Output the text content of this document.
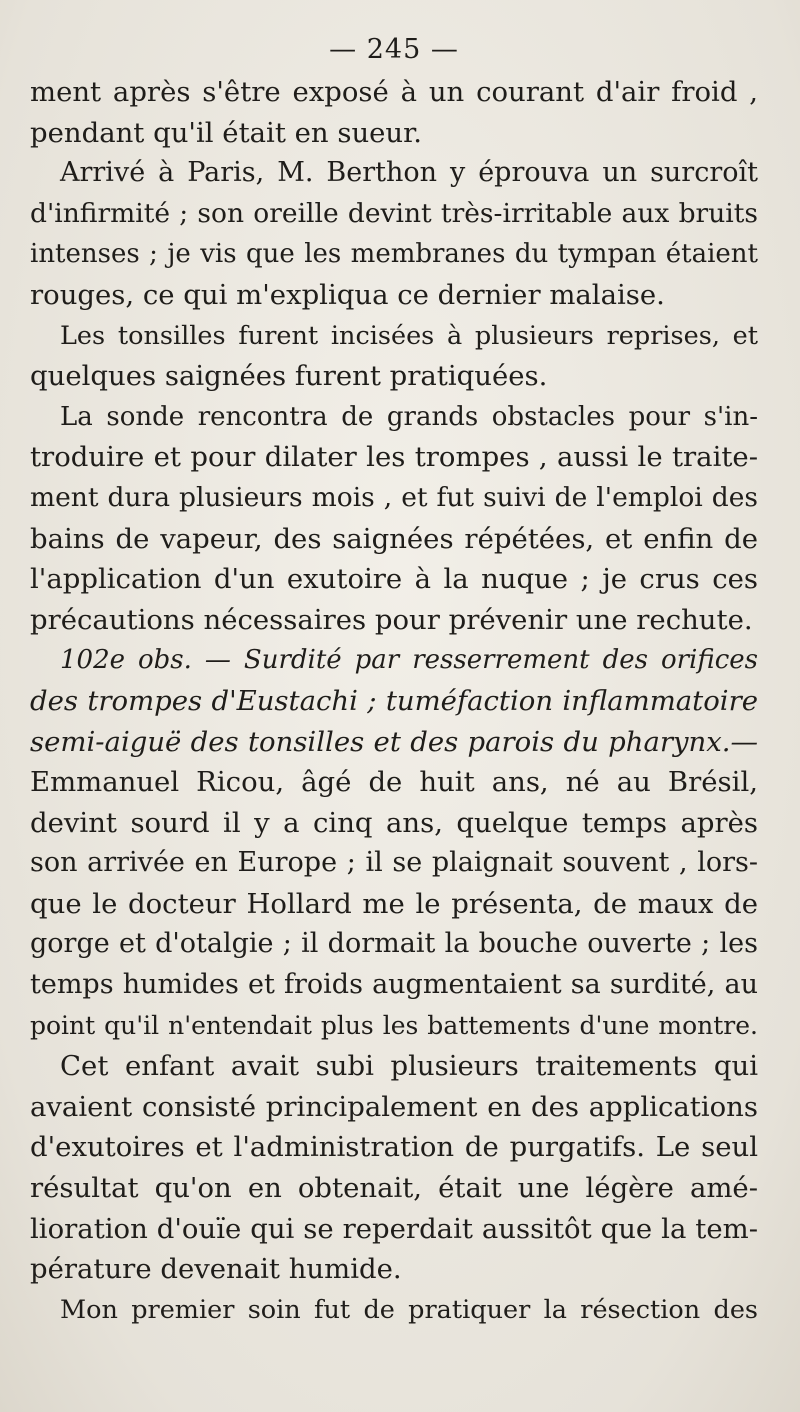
— 245 —
ment après s'être exposé à un courant d'air froid ,
pendant qu'il était en sueur.
Arrivé à Paris, M. Berthon y éprouva un surcroît
d'infirmité ; son oreille devint très-irritable aux bruits
intenses ; je vis que les membranes du tympan étaient
rouges, ce qui m'expliqua ce dernier malaise.
Les tonsilles furent incisées à plusieurs reprises, et
quelques saignées furent pratiquées.
La sonde rencontra de grands obstacles pour s'in-
troduire et pour dilater les trompes , aussi le traite-
ment dura plusieurs mois , et fut suivi de l'emploi des
bains de vapeur, des saignées répétées, et enfin de
l'application d'un exutoire à la nuque ; je crus ces
précautions nécessaires pour prévenir une rechute.
102e obs. — Surdité par resserrement des orifices
des trompes d'Eustachi ; tuméfaction inflammatoire
semi-aiguë des tonsilles et des parois du pharynx.—
Emmanuel Ricou, âgé de huit ans, né au Brésil,
devint sourd il y a cinq ans, quelque temps après
son arrivée en Europe ; il se plaignait souvent , lors-
que le docteur Hollard me le présenta, de maux de
gorge et d'otalgie ; il dormait la bouche ouverte ; les
temps humides et froids augmentaient sa surdité, au
point qu'il n'entendait plus les battements d'une montre.
Cet enfant avait subi plusieurs traitements qui
avaient consisté principalement en des applications
d'exutoires et l'administration de purgatifs. Le seul
résultat qu'on en obtenait, était une légère amé-
lioration d'ouïe qui se reperdait aussitôt que la tem-
pérature devenait humide.
Mon premier soin fut de pratiquer la résection des
